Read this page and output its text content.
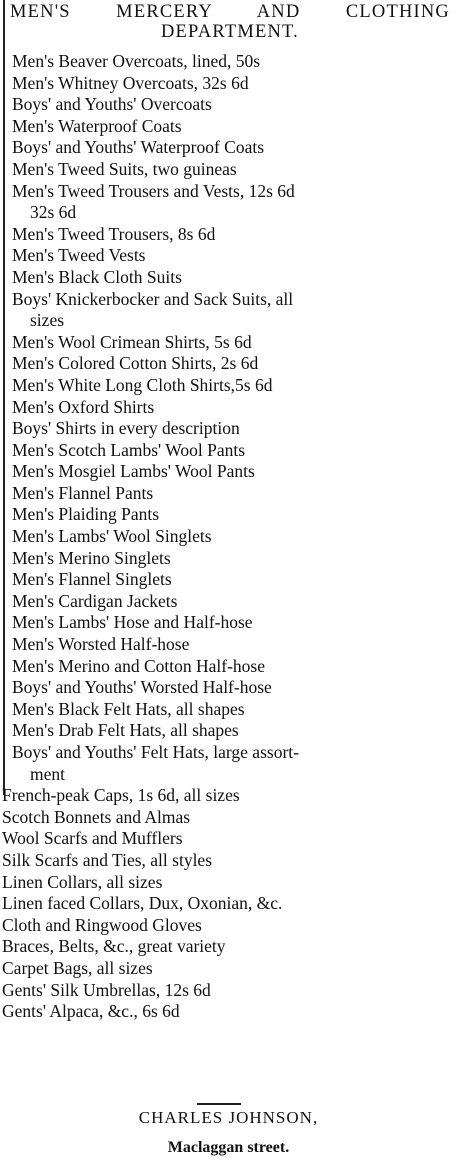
MEN'S MERCERY AND CLOTHING
DEPARTMENT.
Men's Beaver Overcoats, lined, 50s
Men's Whitney Overcoats, 32s 6d
Boys' and Youths' Overcoats
Men's Waterproof Coats
Boys' and Youths' Waterproof Coats
Men's Tweed Suits, two guineas
Men's Tweed Trousers and Vests, 12s 6d
32s 6d
Men's Tweed Trousers, 8s 6d
Men's Tweed Vests
Men's Black Cloth Suits
Boys' Knickerbocker and Sack Suits, all
sizes
Men's Wool Crimean Shirts, 5s 6d
Men's Colored Cotton Shirts, 2s 6d
Men's White Long Cloth Shirts,5s 6d
Men's Oxford Shirts
Boys' Shirts in every description
Men's Scotch Lambs' Wool Pants
Men's Mosgiel Lambs' Wool Pants
Men's Flannel Pants
Men's Plaiding Pants
Men's Lambs' Wool Singlets
Men's Merino Singlets
Men's Flannel Singlets
Men's Cardigan Jackets
Men's Lambs' Hose and Half-hose
Men's Worsted Half-hose
Men's Merino and Cotton Half-hose
Boys' and Youths' Worsted Half-hose
Men's Black Felt Hats, all shapes
Men's Drab Felt Hats, all shapes
Boys' and Youths' Felt Hats, large assort-
ment
French-peak Caps, 1s 6d, all sizes
Scotch Bonnets and Almas
Wool Scarfs and Mufflers
Silk Scarfs and Ties, all styles
Linen Collars, all sizes
Linen faced Collars, Dux, Oxonian, &c.
Cloth and Ringwood Gloves
Braces, Belts, &c., great variety
Carpet Bags, all sizes
Gents' Silk Umbrellas, 12s 6d
Gents' Alpaca, &c., 6s 6d
CHARLES JOHNSON,
Maclaggan street.
